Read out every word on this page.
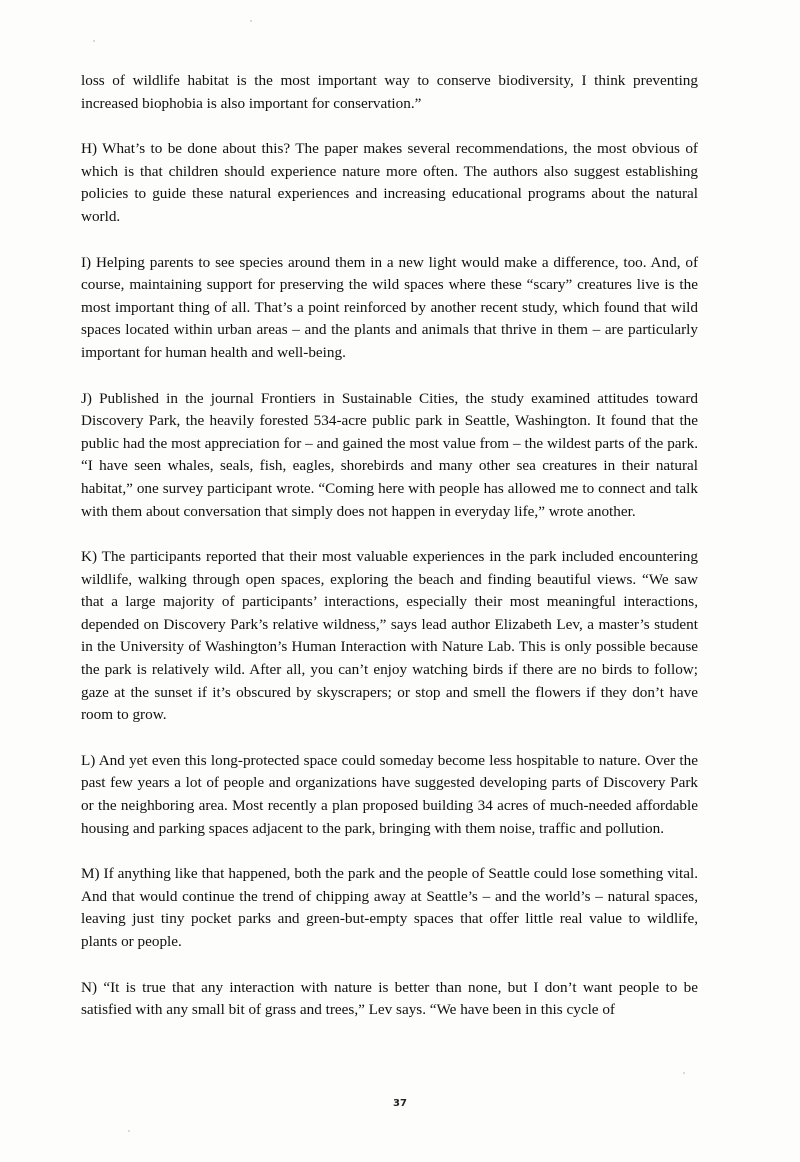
loss of wildlife habitat is the most important way to conserve biodiversity, I think preventing increased biophobia is also important for conservation.”

H) What’s to be done about this? The paper makes several recommendations, the most obvious of which is that children should experience nature more often. The authors also suggest establishing policies to guide these natural experiences and increasing educational programs about the natural world.

I) Helping parents to see species around them in a new light would make a difference, too. And, of course, maintaining support for preserving the wild spaces where these “scary” creatures live is the most important thing of all. That’s a point reinforced by another recent study, which found that wild spaces located within urban areas – and the plants and animals that thrive in them – are particularly important for human health and well-being.

J) Published in the journal Frontiers in Sustainable Cities, the study examined attitudes toward Discovery Park, the heavily forested 534-acre public park in Seattle, Washington. It found that the public had the most appreciation for – and gained the most value from – the wildest parts of the park. “I have seen whales, seals, fish, eagles, shorebirds and many other sea creatures in their natural habitat,” one survey participant wrote. “Coming here with people has allowed me to connect and talk with them about conversation that simply does not happen in everyday life,” wrote another.

K) The participants reported that their most valuable experiences in the park included encountering wildlife, walking through open spaces, exploring the beach and finding beautiful views. “We saw that a large majority of participants’ interactions, especially their most meaningful interactions, depended on Discovery Park’s relative wildness,” says lead author Elizabeth Lev, a master’s student in the University of Washington’s Human Interaction with Nature Lab. This is only possible because the park is relatively wild. After all, you can’t enjoy watching birds if there are no birds to follow; gaze at the sunset if it’s obscured by skyscrapers; or stop and smell the flowers if they don’t have room to grow.

L) And yet even this long-protected space could someday become less hospitable to nature. Over the past few years a lot of people and organizations have suggested developing parts of Discovery Park or the neighboring area. Most recently a plan proposed building 34 acres of much-needed affordable housing and parking spaces adjacent to the park, bringing with them noise, traffic and pollution.

M) If anything like that happened, both the park and the people of Seattle could lose something vital. And that would continue the trend of chipping away at Seattle’s – and the world’s – natural spaces, leaving just tiny pocket parks and green-but-empty spaces that offer little real value to wildlife, plants or people.

N) “It is true that any interaction with nature is better than none, but I don’t want people to be satisfied with any small bit of grass and trees,” Lev says. “We have been in this cycle of

37
